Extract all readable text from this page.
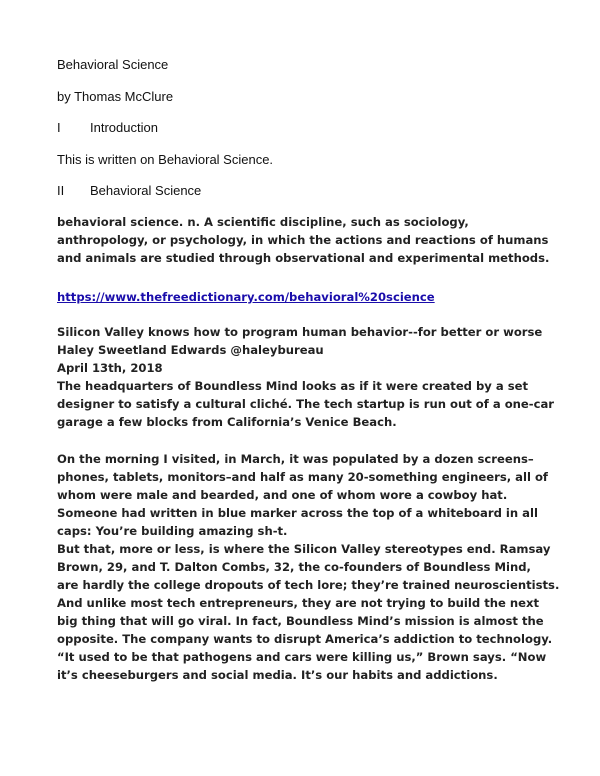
Behavioral Science
by Thomas McClure
I Introduction
This is written on Behavioral Science.
II Behavioral Science
behavioral science. n. A scientific discipline, such as sociology,
anthropology, or psychology, in which the actions and reactions of humans
and animals are studied through observational and experimental methods.
https://www.thefreedictionary.com/behavioral%20science
Silicon Valley knows how to program human behavior--for better or worse
Haley Sweetland Edwards @haleybureau
April 13th, 2018
The headquarters of Boundless Mind looks as if it were created by a set
designer to satisfy a cultural cliché. The tech startup is run out of a one-car
garage a few blocks from California’s Venice Beach.
On the morning I visited, in March, it was populated by a dozen screens–
phones, tablets, monitors–and half as many 20-something engineers, all of
whom were male and bearded, and one of whom wore a cowboy hat.
Someone had written in blue marker across the top of a whiteboard in all
caps: You’re building amazing sh-t.
But that, more or less, is where the Silicon Valley stereotypes end. Ramsay
Brown, 29, and T. Dalton Combs, 32, the co-founders of Boundless Mind,
are hardly the college dropouts of tech lore; they’re trained neuroscientists.
And unlike most tech entrepreneurs, they are not trying to build the next
big thing that will go viral. In fact, Boundless Mind’s mission is almost the
opposite. The company wants to disrupt America’s addiction to technology.
“It used to be that pathogens and cars were killing us,” Brown says. “Now
it’s cheeseburgers and social media. It’s our habits and addictions.
